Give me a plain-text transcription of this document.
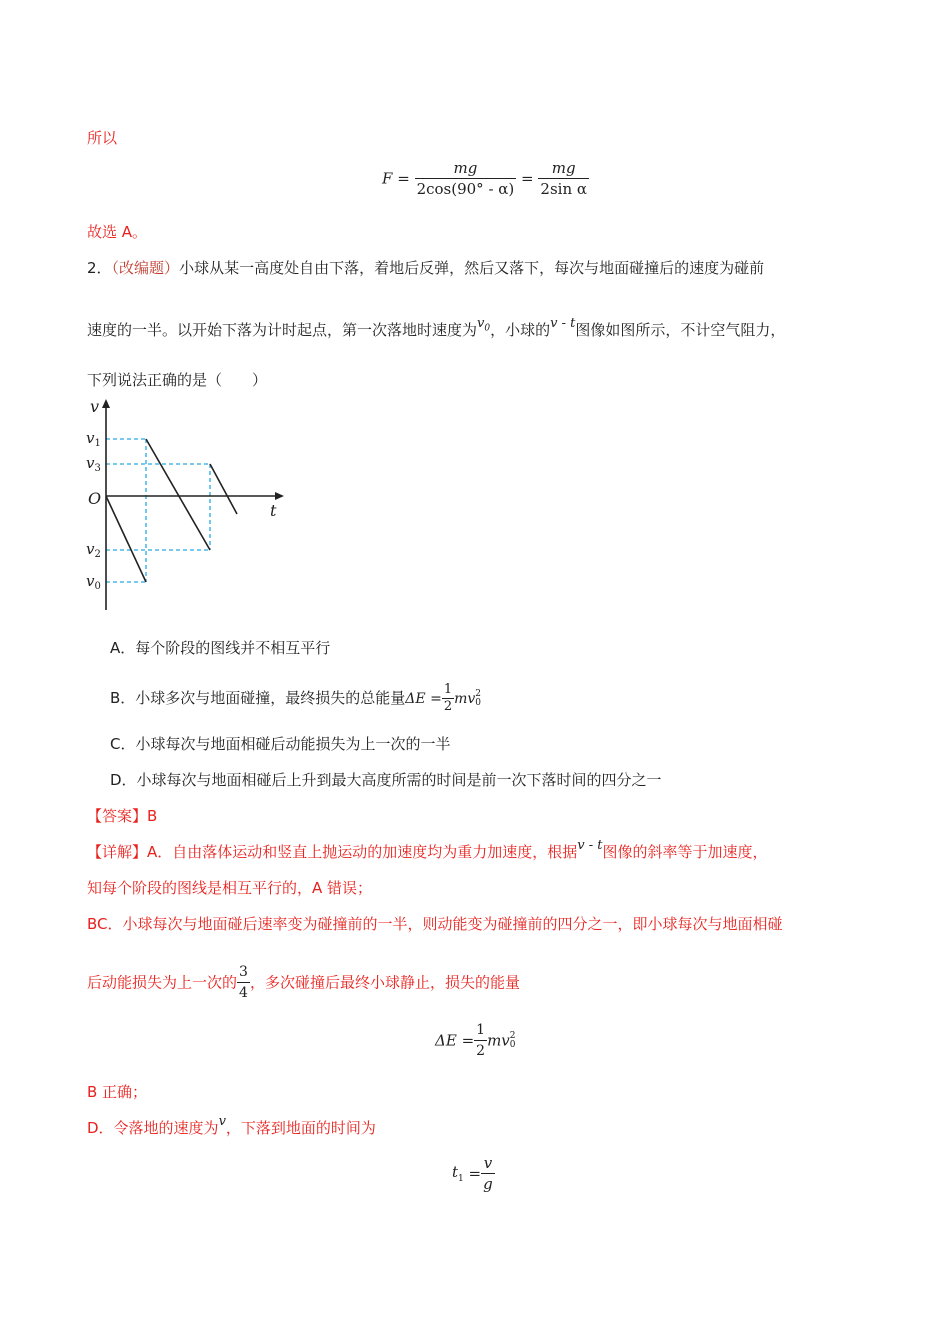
所以
$F = \frac{mg}{2\cos(90^\circ - \alpha)} = \frac{mg}{\text{2sin α}}$
故选 A。
2．（改编题）小球从某一高度处自由下落，着地后反弹，然后又落下，每次与地面碰撞后的速度为碰前
速度的一半。以开始下落为计时起点，第一次落地时速度为$v_0$，小球的v - t图像如图所示，不计空气阻力，
下列说法正确的是（　　）
v
t
O
$v_1$
$v_3$
$v_2$
$v_0$
A．每个阶段的图线并不相互平行
B．小球多次与地面碰撞，最终损失的总能量$\Delta E = \frac{1}{2}$ mv 2
0
C．小球每次与地面相碰后动能损失为上一次的一半
D．小球每次与地面相碰后上升到最大高度所需的时间是前一次下落时间的四分之一
【答案】B
【详解】A．自由落体运动和竖直上抛运动的加速度均为重力加速度，根据v - t图像的斜率等于加速度，
知每个阶段的图线是相互平行的，A 错误；
BC．小球每次与地面碰后速率变为碰撞前的一半，则动能变为碰撞前的四分之一，即小球每次与地面相碰
后动能损失为上一次的 $\frac{3}{4}$ ，多次碰撞后最终小球静止，损失的能量
$\Delta E = \frac{1}{2}$ mv 2
0
B 正确；
D．令落地的速度为v，下落到地面的时间为
$t_1 = \frac{v}{g}$
